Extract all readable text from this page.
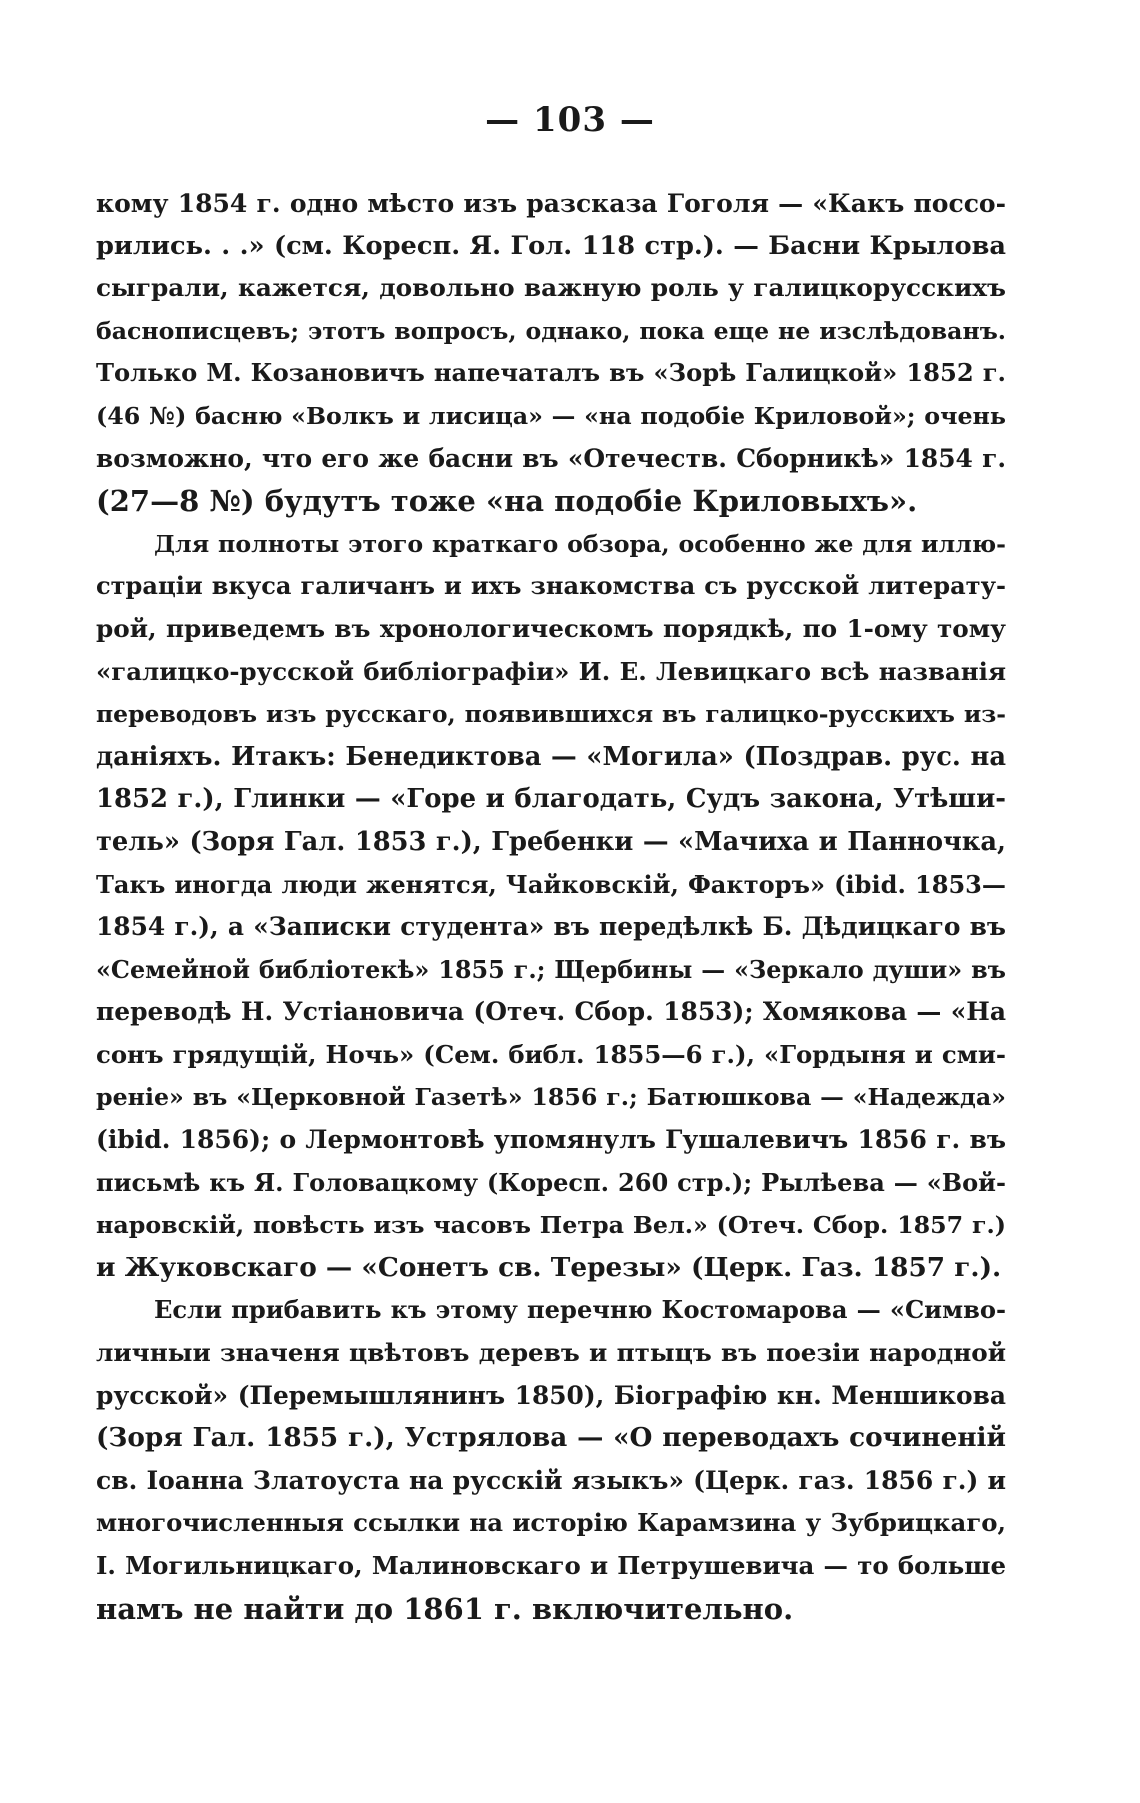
— 103 —
кому 1854 г. одно мѣсто изъ разсказа Гоголя — «Какъ поссо-
рились. . .» (см. Кoресп. Я. Гол. 118 стр.). — Басни Крылова
сыграли, кажется, довольно важную роль у галицкорусскихъ
баснописцевъ; этотъ вопросъ, однако, пока еще не изслѣдованъ.
Только М. Козановичъ напечаталъ въ «Зорѣ Галицкой» 1852 г.
(46 №) басню «Волкъ и лисица» — «на подобіе Криловой»; очень
возможно, что его же басни въ «Отечеств. Сборникѣ» 1854 г.
(27—8 №) будутъ тоже «на подобіе Криловыхъ».
Для полноты этого краткаго обзора, особенно же для иллю-
страціи вкуса галичанъ и ихъ знакомства съ русской литерату-
рой, приведемъ въ хронологическомъ порядкѣ, по 1-ому тому
«галицко-русской библіографіи» И. Е. Левицкаго всѣ названія
переводовъ изъ русскаго, появившихся въ галицко-русскихъ из-
даніяхъ. Итакъ: Бенедиктова — «Могила» (Поздрав. рус. на
1852 г.), Глинки — «Горе и благодать, Судъ закона, Утѣши-
тель» (Зоря Гал. 1853 г.), Гребенки — «Мачиха и Панночка,
Такъ иногда люди женятся, Чайковскій, Факторъ» (ibid. 1853—
1854 г.), а «Записки студента» въ передѣлкѣ Б. Дѣдицкаго въ
«Семейной библіотекѣ» 1855 г.; Щербины — «Зеркало души» въ
переводѣ Н. Устіановича (Отеч. Сбор. 1853); Хомякова — «На
сонъ грядущій, Ночь» (Сем. библ. 1855—6 г.), «Гордыня и сми-
реніе» въ «Церковной Газетѣ» 1856 г.; Батюшкова — «Надежда»
(ibid. 1856); о Лермонтовѣ упомянулъ Гушалевичъ 1856 г. въ
письмѣ къ Я. Головацкому (Кoресп. 260 стр.); Рылѣева — «Вой-
наровскій, повѣсть изъ часовъ Петра Вел.» (Отеч. Сбор. 1857 г.)
и Жуковскаго — «Сонетъ св. Терезы» (Церк. Газ. 1857 г.).
Если прибавить къ этому перечню Костомарова — «Симво-
личныи значеня цвѣтовъ деревъ и птыцъ въ поезіи народной
русской» (Перемышлянинъ 1850), Біографію кн. Меншикова
(Зоря Гал. 1855 г.), Устрялова — «О переводахъ сочиненій
св. Іоанна Златоуста на русскій языкъ» (Церк. газ. 1856 г.) и
многочисленныя ссылки на исторію Карамзина у Зубрицкаго,
І. Могильницкаго, Малиновскаго и Петрушевича — то больше
намъ не найти до 1861 г. включительно.
